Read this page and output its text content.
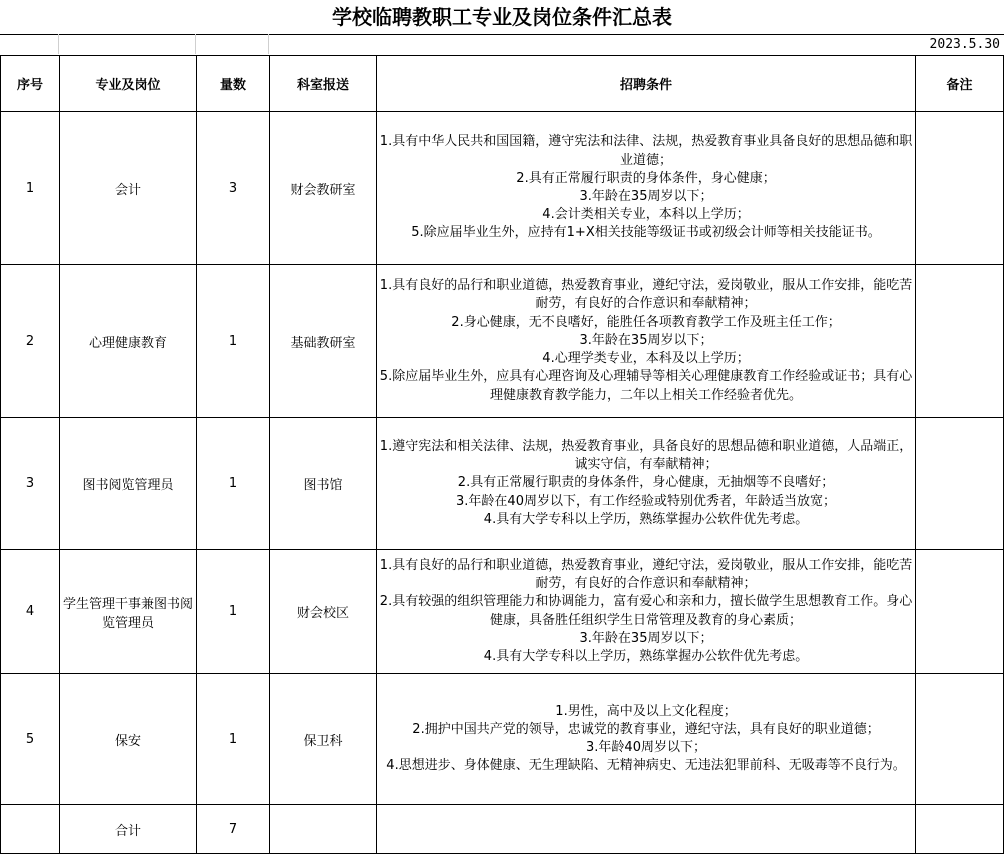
学校临聘教职工专业及岗位条件汇总表
2023.5.30
序号	专业及岗位	量数	科室报送	招聘条件	备注
1	会计	3	财会教研室	1.具有中华人民共和国国籍，遵守宪法和法律、法规，热爱教育事业具备良好的思想品德和职业道德；
2.具有正常履行职责的身体条件，身心健康；
3.年龄在35周岁以下；
4.会计类相关专业，本科以上学历；
5.除应届毕业生外，应持有1+X相关技能等级证书或初级会计师等相关技能证书。	

2	心理健康教育	1	基础教研室	1.具有良好的品行和职业道德，热爱教育事业，遵纪守法，爱岗敬业，服从工作安排，能吃苦耐劳，有良好的合作意识和奉献精神；
2.身心健康，无不良嗜好，能胜任各项教育教学工作及班主任工作；
3.年龄在35周岁以下；
4.心理学类专业，本科及以上学历；
5.除应届毕业生外，应具有心理咨询及心理辅导等相关心理健康教育工作经验或证书；具有心理健康教育教学能力，二年以上相关工作经验者优先。	

3	图书阅览管理员	1	图书馆	1.遵守宪法和相关法律、法规，热爱教育事业，具备良好的思想品德和职业道德，人品端正，诚实守信，有奉献精神；
2.具有正常履行职责的身体条件，身心健康，无抽烟等不良嗜好；
3.年龄在40周岁以下，有工作经验或特别优秀者，年龄适当放宽；
4.具有大学专科以上学历，熟练掌握办公软件优先考虑。	

4	学生管理干事兼图书阅览管理员	1	财会校区	1.具有良好的品行和职业道德，热爱教育事业，遵纪守法，爱岗敬业，服从工作安排，能吃苦耐劳，有良好的合作意识和奉献精神；
2.具有较强的组织管理能力和协调能力，富有爱心和亲和力，擅长做学生思想教育工作。身心健康，具备胜任组织学生日常管理及教育的身心素质；
3.年龄在35周岁以下；
4.具有大学专科以上学历，熟练掌握办公软件优先考虑。	

5	保安	1	保卫科	1.男性，高中及以上文化程度；
2.拥护中国共产党的领导，忠诚党的教育事业，遵纪守法，具有良好的职业道德；
3.年龄40周岁以下；
4.思想进步、身体健康、无生理缺陷、无精神病史、无违法犯罪前科、无吸毒等不良行为。	

	合计	7			
